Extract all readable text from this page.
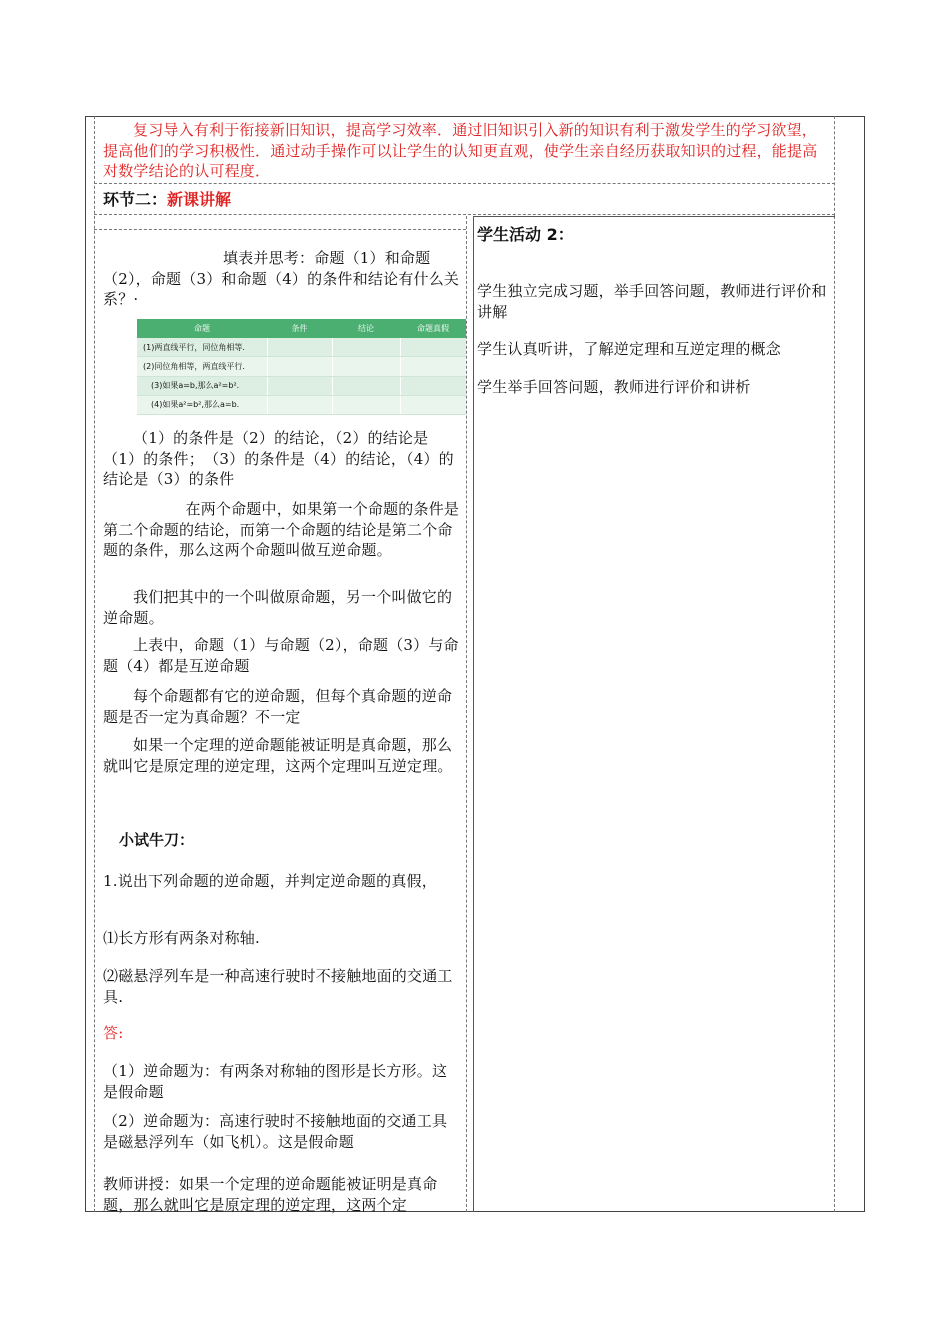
复习导入有利于衔接新旧知识，提高学习效率．通过旧知识引入新的知识有利于激发学生的学习欲望，提高他们的学习积极性．通过动手操作可以让学生的认知更直观，使学生亲自经历获取知识的过程，能提高对数学结论的认可程度．
环节二：新课讲解
填表并思考：命题（1）和命题（2），命题（3）和命题（4）的条件和结论有什么关系？·
命题	条件	结论	命题真假
(1)两直线平行，同位角相等.			
(2)同位角相等，两直线平行.			
(3)如果a=b,那么a²=b².			
(4)如果a²=b²,那么a=b.			
（1）的条件是（2）的结论，（2）的结论是（1）的条件；　（3）的条件是（4）的结论，（4）的结论是（3）的条件
在两个命题中，如果第一个命题的条件是第二个命题的结论，而第一个命题的结论是第二个命题的条件，那么这两个命题叫做互逆命题。
我们把其中的一个叫做原命题，另一个叫做它的逆命题。
上表中，命题（1）与命题（2），命题（3）与命题（4）都是互逆命题
每个命题都有它的逆命题，但每个真命题的逆命题是否一定为真命题？不一定
如果一个定理的逆命题能被证明是真命题，那么就叫它是原定理的逆定理，这两个定理叫互逆定理。
小试牛刀：
1.说出下列命题的逆命题，并判定逆命题的真假，
⑴长方形有两条对称轴.
⑵磁悬浮列车是一种高速行驶时不接触地面的交通工具.
答:
（1）逆命题为：有两条对称轴的图形是长方形。这是假命题
（2）逆命题为：高速行驶时不接触地面的交通工具是磁悬浮列车（如飞机）。这是假命题
教师讲授：如果一个定理的逆命题能被证明是真命题，那么就叫它是原定理的逆定理，这两个定
学生活动 2：
学生独立完成习题，举手回答问题，教师进行评价和讲解
学生认真听讲，了解逆定理和互逆定理的概念
学生举手回答问题，教师进行评价和讲析
